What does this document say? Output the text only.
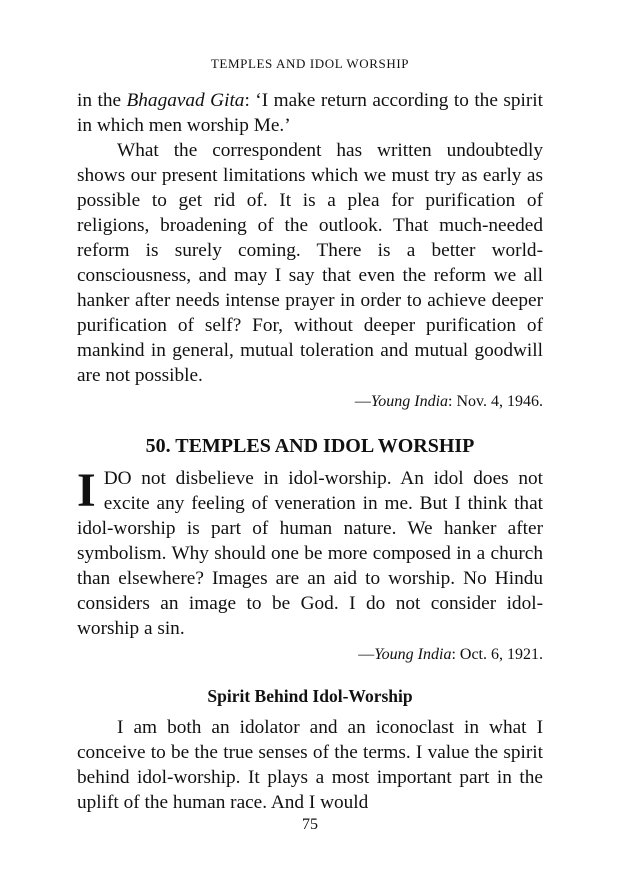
TEMPLES AND IDOL WORSHIP

in the Bhagavad Gita: ‘I make return according to the spirit in which men worship Me.’

What the correspondent has written undoubtedly shows our present limitations which we must try as early as possible to get rid of. It is a plea for purification of religions, broadening of the outlook. That much-needed reform is surely coming. There is a better world-consciousness, and may I say that even the reform we all hanker after needs intense prayer in order to achieve deeper purification of self? For, without deeper purification of mankind in general, mutual toleration and mutual goodwill are not possible.

—Young India: Nov. 4, 1946.
50. TEMPLES AND IDOL WORSHIP

IDO not disbelieve in idol-worship. An idol does not excite any feeling of veneration in me. But I think that idol-worship is part of human nature. We hanker after symbolism. Why should one be more composed in a church than elsewhere? Images are an aid to worship. No Hindu considers an image to be God. I do not consider idol-worship a sin.

—Young India: Oct. 6, 1921.
Spirit Behind Idol-Worship

I am both an idolator and an iconoclast in what I conceive to be the true senses of the terms. I value the spirit behind idol-worship. It plays a most important part in the uplift of the human race. And I would

75
